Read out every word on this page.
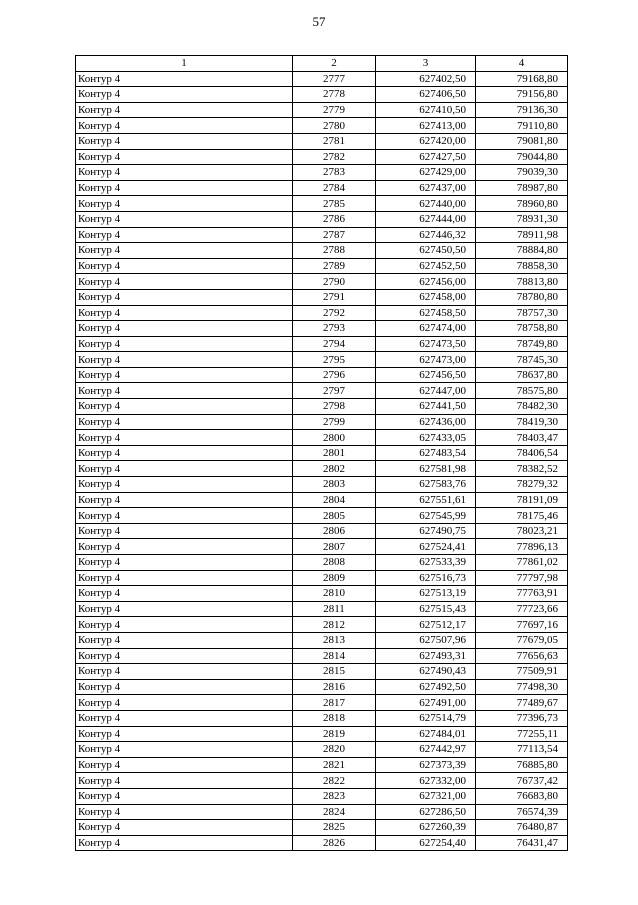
57
1	2	3	4
Контур 4	2777	627402,50	79168,80
Контур 4	2778	627406,50	79156,80
Контур 4	2779	627410,50	79136,30
Контур 4	2780	627413,00	79110,80
Контур 4	2781	627420,00	79081,80
Контур 4	2782	627427,50	79044,80
Контур 4	2783	627429,00	79039,30
Контур 4	2784	627437,00	78987,80
Контур 4	2785	627440,00	78960,80
Контур 4	2786	627444,00	78931,30
Контур 4	2787	627446,32	78911,98
Контур 4	2788	627450,50	78884,80
Контур 4	2789	627452,50	78858,30
Контур 4	2790	627456,00	78813,80
Контур 4	2791	627458,00	78780,80
Контур 4	2792	627458,50	78757,30
Контур 4	2793	627474,00	78758,80
Контур 4	2794	627473,50	78749,80
Контур 4	2795	627473,00	78745,30
Контур 4	2796	627456,50	78637,80
Контур 4	2797	627447,00	78575,80
Контур 4	2798	627441,50	78482,30
Контур 4	2799	627436,00	78419,30
Контур 4	2800	627433,05	78403,47
Контур 4	2801	627483,54	78406,54
Контур 4	2802	627581,98	78382,52
Контур 4	2803	627583,76	78279,32
Контур 4	2804	627551,61	78191,09
Контур 4	2805	627545,99	78175,46
Контур 4	2806	627490,75	78023,21
Контур 4	2807	627524,41	77896,13
Контур 4	2808	627533,39	77861,02
Контур 4	2809	627516,73	77797,98
Контур 4	2810	627513,19	77763,91
Контур 4	2811	627515,43	77723,66
Контур 4	2812	627512,17	77697,16
Контур 4	2813	627507,96	77679,05
Контур 4	2814	627493,31	77656,63
Контур 4	2815	627490,43	77509,91
Контур 4	2816	627492,50	77498,30
Контур 4	2817	627491,00	77489,67
Контур 4	2818	627514,79	77396,73
Контур 4	2819	627484,01	77255,11
Контур 4	2820	627442,97	77113,54
Контур 4	2821	627373,39	76885,80
Контур 4	2822	627332,00	76737,42
Контур 4	2823	627321,00	76683,80
Контур 4	2824	627286,50	76574,39
Контур 4	2825	627260,39	76480,87
Контур 4	2826	627254,40	76431,47
